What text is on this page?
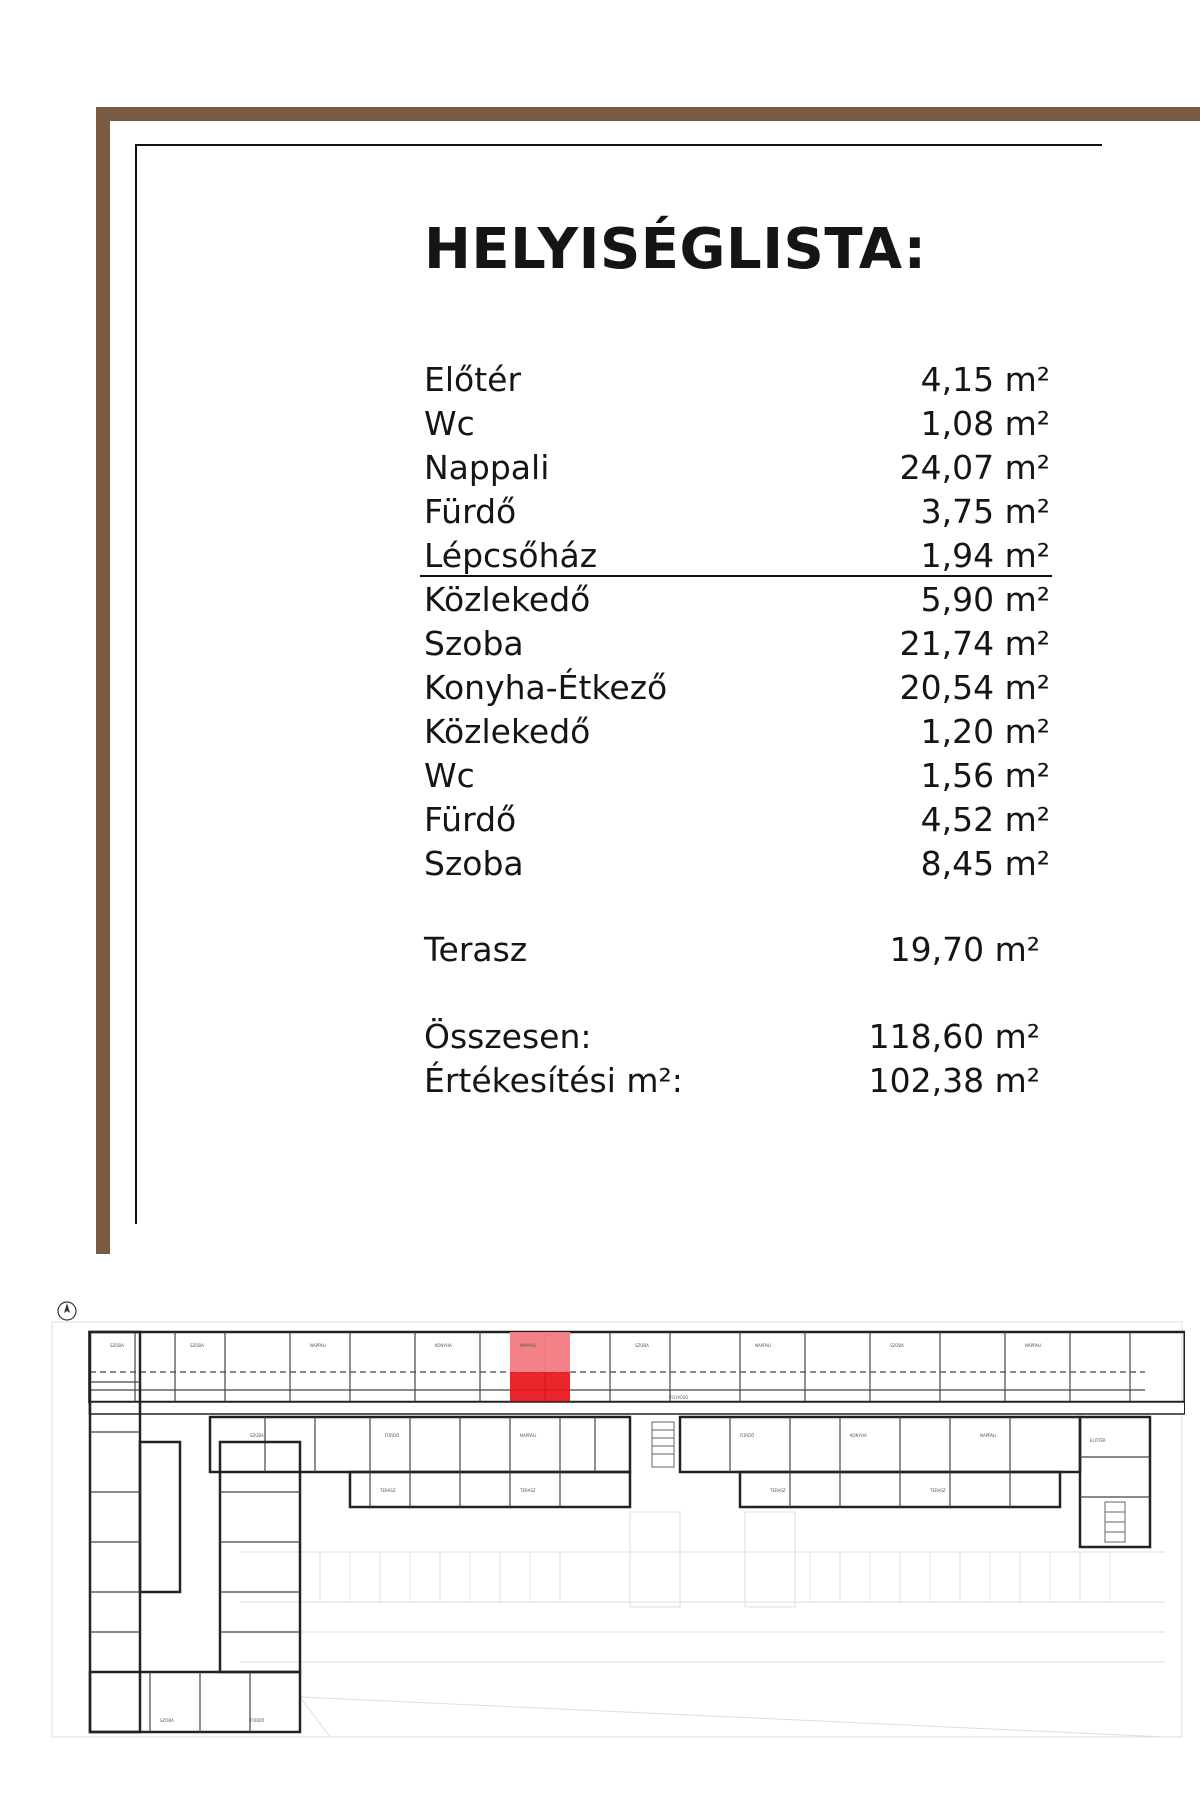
HELYISÉGLISTA:
Előtér	4,15 m²
Wc	1,08 m²
Nappali	24,07 m²
Fürdő	3,75 m²
Lépcsőház	1,94 m²
Közlekedő	5,90 m²
Szoba	21,74 m²
Konyha-Étkező	20,54 m²
Közlekedő	1,20 m²
Wc	1,56 m²
Fürdő	4,52 m²
Szoba	8,45 m²
Terasz	19,70 m²
Összesen:	118,60 m²
Értékesítési m²:	102,38 m²
SZOBA	SZOBA	NAPPALI	KONYHA	NAPPALI	SZOBA	NAPPALI	SZOBA	NAPPALI
SZOBA	FÜRDŐ	NAPPALI	FÜRDŐ	KONYHA	NAPPALI
TERASZ	TERASZ	TERASZ	TERASZ
FOLYOSÓ
SZOBA	FÜRDŐ
ELŐTÉR
